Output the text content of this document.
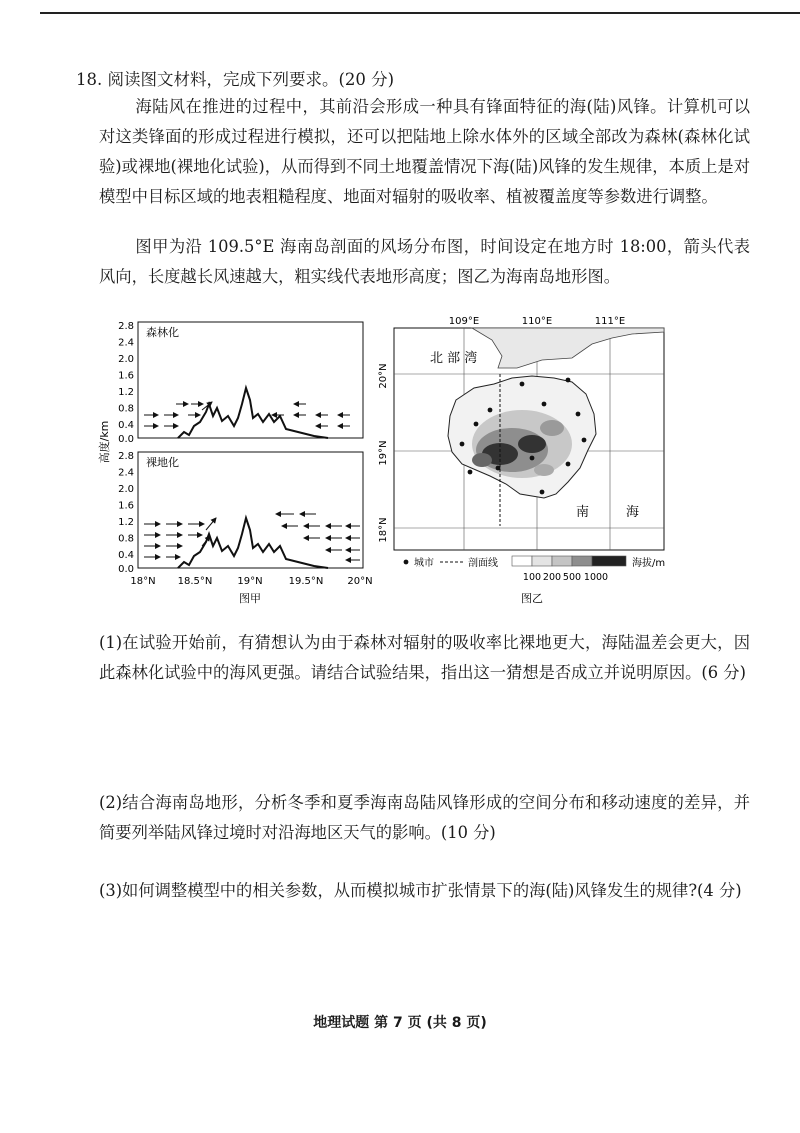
18. 阅读图文材料，完成下列要求。(20 分)
海陆风在推进的过程中，其前沿会形成一种具有锋面特征的海(陆)风锋。计算机可以对这类锋面的形成过程进行模拟，还可以把陆地上除水体外的区域全部改为森林(森林化试验)或裸地(裸地化试验)，从而得到不同土地覆盖情况下海(陆)风锋的发生规律，本质上是对模型中目标区域的地表粗糙程度、地面对辐射的吸收率、植被覆盖度等参数进行调整。
图甲为沿 109.5°E 海南岛剖面的风场分布图，时间设定在地方时 18:00，箭头代表风向，长度越长风速越大，粗实线代表地形高度；图乙为海南岛地形图。
高度/km
森林化
裸地化
2.8
2.4
2.0
1.6
1.2
0.8
0.4
0.0
2.8
2.4
2.0
1.6
1.2
0.8
0.4
0.0
18°N 18.5°N	19°N	19.5°N 20°N
图甲
109°E	110°E	111°E
20°N
19°N
18°N
北 部 湾
南	海
城市	剖面线	海拔/m
100 200 500 1000
图乙
(1)在试验开始前，有猜想认为由于森林对辐射的吸收率比裸地更大，海陆温差会更大，因此森林化试验中的海风更强。请结合试验结果，指出这一猜想是否成立并说明原因。(6 分)
(2)结合海南岛地形，分析冬季和夏季海南岛陆风锋形成的空间分布和移动速度的差异，并简要列举陆风锋过境时对沿海地区天气的影响。(10 分)
(3)如何调整模型中的相关参数，从而模拟城市扩张情景下的海(陆)风锋发生的规律?(4 分)
地理试题 第 7 页 (共 8 页)
